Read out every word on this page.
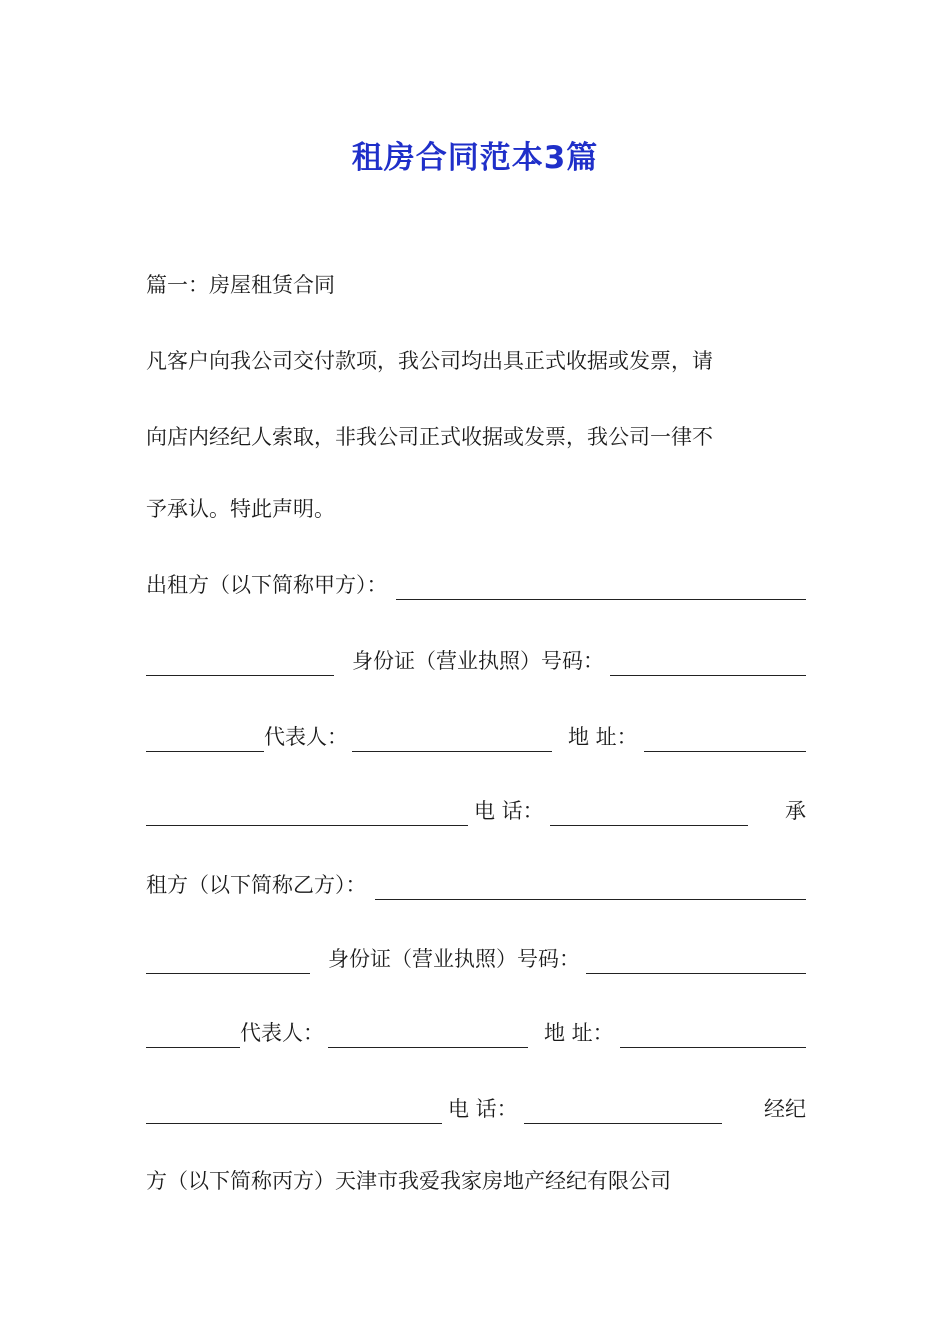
租房合同范本3篇
篇一：房屋租赁合同
凡客户向我公司交付款项，我公司均出具正式收据或发票，请
向店内经纪人索取，非我公司正式收据或发票，我公司一律不
予承认。特此声明。
出租方（以下简称甲方）：
身份证（营业执照）号码：
代表人：	地 址：
电 话：	承
租方（以下简称乙方）：
身份证（营业执照）号码：
代表人：	地 址：
电 话：	经纪
方（以下简称丙方）天津市我爱我家房地产经纪有限公司
